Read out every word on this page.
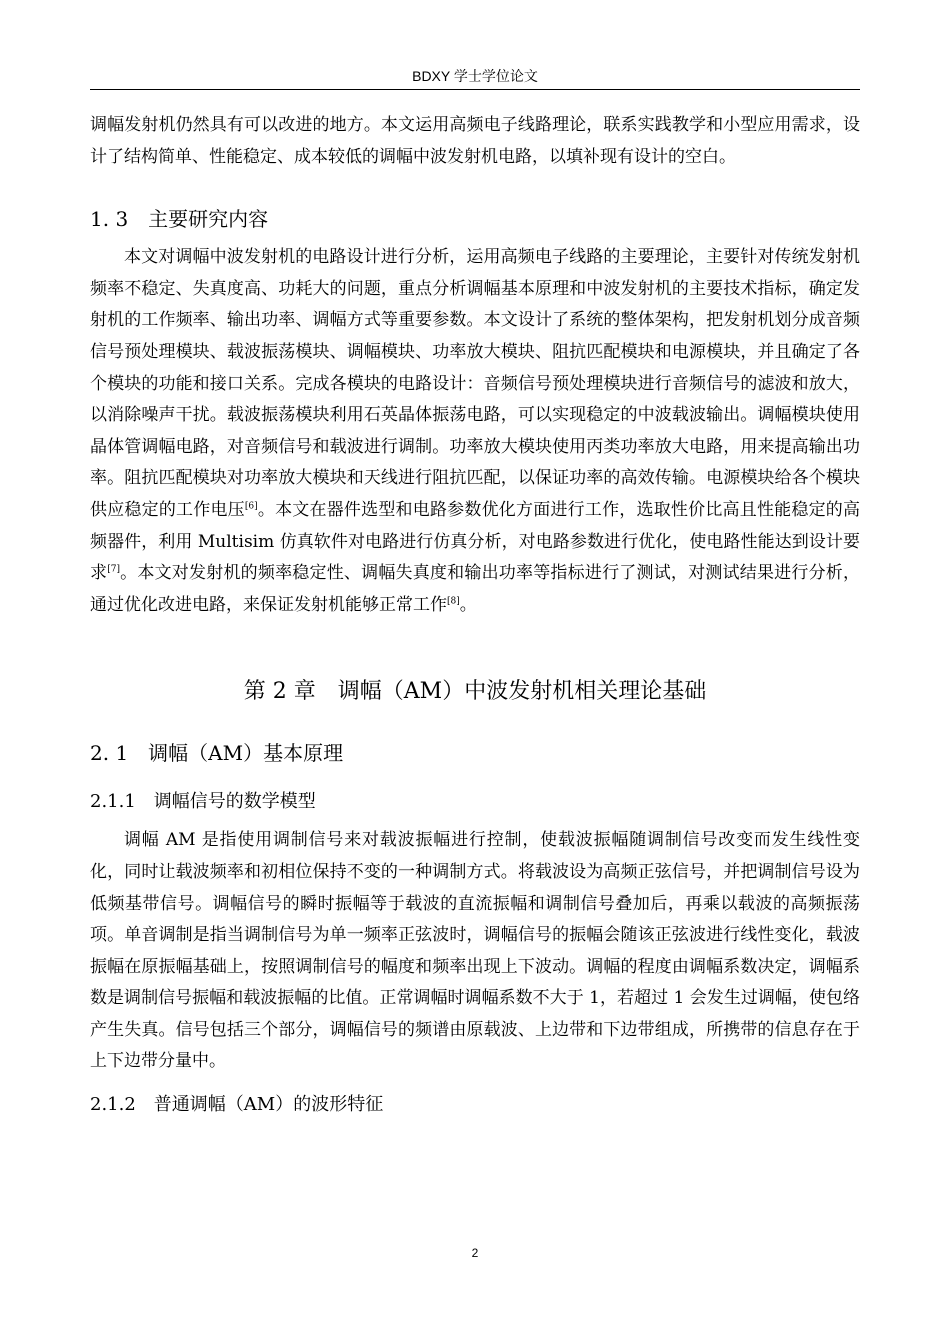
BDXY 学士学位论文

调幅发射机仍然具有可以改进的地方。本文运用高频电子线路理论，联系实践教学和小型应用需求，设计了结构简单、性能稳定、成本较低的调幅中波发射机电路，以填补现有设计的空白。

1. 3　主要研究内容

本文对调幅中波发射机的电路设计进行分析，运用高频电子线路的主要理论，主要针对传统发射机频率不稳定、失真度高、功耗大的问题，重点分析调幅基本原理和中波发射机的主要技术指标，确定发射机的工作频率、输出功率、调幅方式等重要参数。本文设计了系统的整体架构，把发射机划分成音频信号预处理模块、载波振荡模块、调幅模块、功率放大模块、阻抗匹配模块和电源模块，并且确定了各个模块的功能和接口关系。完成各模块的电路设计：音频信号预处理模块进行音频信号的滤波和放大，以消除噪声干扰。载波振荡模块利用石英晶体振荡电路，可以实现稳定的中波载波输出。调幅模块使用晶体管调幅电路，对音频信号和载波进行调制。功率放大模块使用丙类功率放大电路，用来提高输出功率。阻抗匹配模块对功率放大模块和天线进行阻抗匹配，以保证功率的高效传输。电源模块给各个模块供应稳定的工作电压[6]。本文在器件选型和电路参数优化方面进行工作，选取性价比高且性能稳定的高频器件，利用 Multisim 仿真软件对电路进行仿真分析，对电路参数进行优化，使电路性能达到设计要求[7]。本文对发射机的频率稳定性、调幅失真度和输出功率等指标进行了测试，对测试结果进行分析，通过优化改进电路，来保证发射机能够正常工作[8]。

第 2 章　调幅（AM）中波发射机相关理论基础
2. 1　调幅（AM）基本原理
2.1.1　调幅信号的数学模型

调幅 AM 是指使用调制信号来对载波振幅进行控制，使载波振幅随调制信号改变而发生线性变化，同时让载波频率和初相位保持不变的一种调制方式。将载波设为高频正弦信号，并把调制信号设为低频基带信号。调幅信号的瞬时振幅等于载波的直流振幅和调制信号叠加后，再乘以载波的高频振荡项。单音调制是指当调制信号为单一频率正弦波时，调幅信号的振幅会随该正弦波进行线性变化，载波振幅在原振幅基础上，按照调制信号的幅度和频率出现上下波动。调幅的程度由调幅系数决定，调幅系数是调制信号振幅和载波振幅的比值。正常调幅时调幅系数不大于 1，若超过 1 会发生过调幅，使包络产生失真。信号包括三个部分，调幅信号的频谱由原载波、上边带和下边带组成，所携带的信息存在于上下边带分量中。

2.1.2　普通调幅（AM）的波形特征
2
